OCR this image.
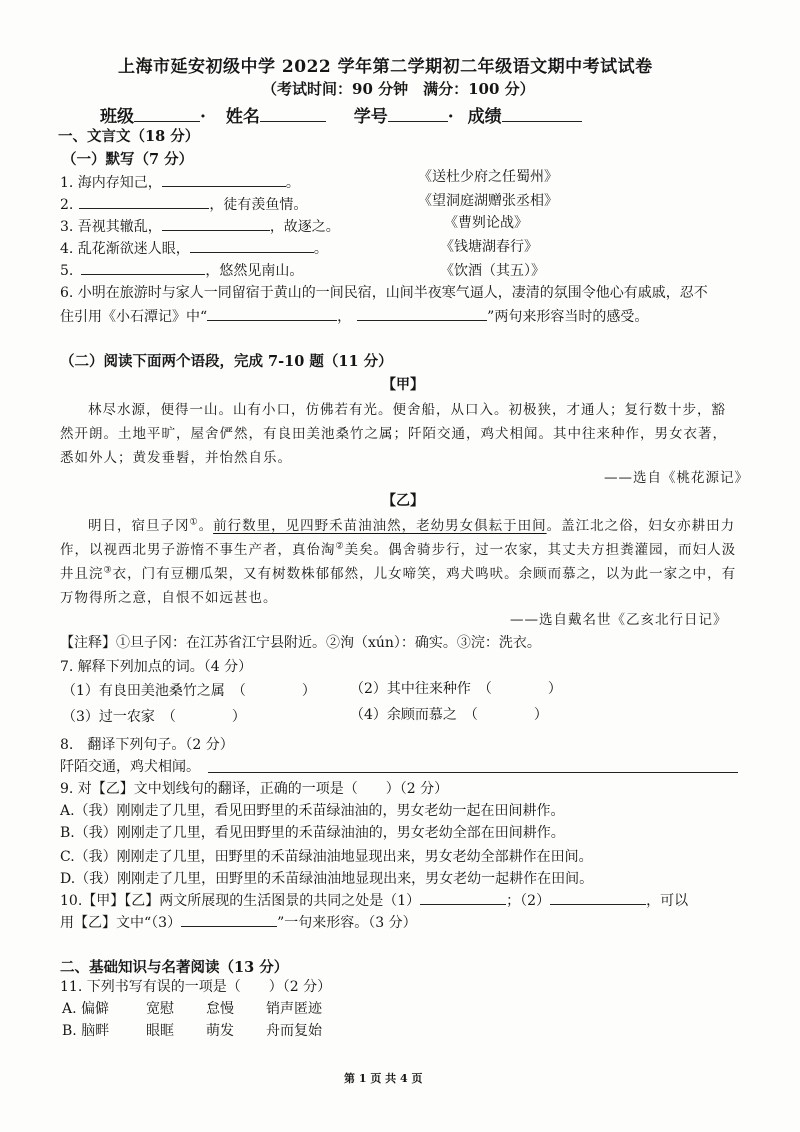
上海市延安初级中学 2022 学年第二学期初二年级语文期中考试试卷
（考试时间：90 分钟　满分：100 分）
班级	· 姓名	学号	· 成绩
一、文言文（18 分）
（一）默写（7 分）
1. 海内存知己，	。	《送杜少府之任蜀州》
2.	，徒有羡鱼情。	《望洞庭湖赠张丞相》
3. 吾视其辙乱，	，故逐之。	《曹刿论战》
4. 乱花渐欲迷人眼，	。	《钱塘湖春行》
5.	，悠然见南山。	《饮酒（其五）》
6. 小明在旅游时与家人一同留宿于黄山的一间民宿，山间半夜寒气逼人，凄清的氛围令他心有戚戚，忍不
住引用《小石潭记》中“	，	”两句来形容当时的感受。
（二）阅读下面两个语段，完成 7-10 题（11 分）
【甲】
林尽水源，便得一山。山有小口，仿佛若有光。便舍船，从口入。初极狭，才通人；复行数十步，豁
然开朗。土地平旷，屋舍俨然，有良田美池桑竹之属；阡陌交通，鸡犬相闻。其中往来种作，男女衣著，
悉如外人；黄发垂髫，并怡然自乐。
——选自《桃花源记》
【乙】
明日，宿旦子冈①。前行数里，见四野禾苗油油然，老幼男女俱耘于田间。盖江北之俗，妇女亦耕田力
作，以视西北男子游惰不事生产者，真佁淘②美矣。偶舍骑步行，过一农家，其丈夫方担粪灌园，而妇人汲
井且浣③衣，门有豆棚瓜架，又有树数株郁郁然，儿女啼笑，鸡犬鸣吠。余顾而慕之，以为此一家之中，有
万物得所之意，自恨不如远甚也。
——选自戴名世《乙亥北行日记》
【注释】①旦子冈：在江苏省江宁县附近。②洵（xún）：确实。③浣：洗衣。
7. 解释下列加点的词。（4 分）
（1）有良田美池桑竹之属　（　　　　） （2）其中往来种作　（　　　　）
（3）过一农家　（　　　　）	（4）余顾而慕之　（　　　　）
8.　翻译下列句子。（2 分）
阡陌交通，鸡犬相闻。
9. 对【乙】文中划线句的翻译，正确的一项是（　　）（2 分）
A.（我）刚刚走了几里，看见田野里的禾苗绿油油的，男女老幼一起在田间耕作。
B.（我）刚刚走了几里，看见田野里的禾苗绿油油的，男女老幼全部在田间耕作。
C.（我）刚刚走了几里，田野里的禾苗绿油油地显现出来，男女老幼全部耕作在田间。
D.（我）刚刚走了几里，田野里的禾苗绿油油地显现出来，男女老幼一起耕作在田间。
10.【甲】【乙】两文所展现的生活图景的共同之处是（1）	；（2）	，可以
用【乙】文中“（3）	”一句来形容。（3 分）
二、基础知识与名著阅读（13 分）
11. 下列书写有误的一项是（　　）（2 分）
A. 偏僻	宽慰 怠慢 销声匿迹
B. 脑畔	眼眶 萌发 舟而复始
第 1 页 共 4 页
